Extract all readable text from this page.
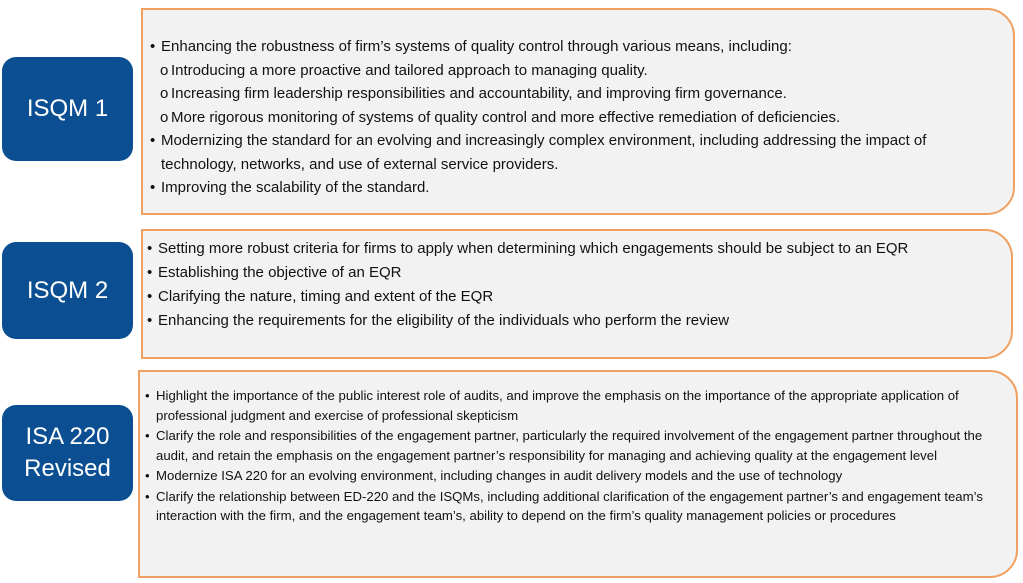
ISQM 1
ISQM 2
ISA 220 Revised
• Enhancing the robustness of firm’s systems of quality control through various means, including:
o Introducing a more proactive and tailored approach to managing quality.
o Increasing firm leadership responsibilities and accountability, and improving firm governance.
o More rigorous monitoring of systems of quality control and more effective remediation of deficiencies.
• Modernizing the standard for an evolving and increasingly complex environment, including addressing the impact of technology, networks, and use of external service providers.
• Improving the scalability of the standard.
• Setting more robust criteria for firms to apply when determining which engagements should be subject to an EQR
• Establishing the objective of an EQR
• Clarifying the nature, timing and extent of the EQR
• Enhancing the requirements for the eligibility of the individuals who perform the review
• Highlight the importance of the public interest role of audits, and improve the emphasis on the importance of the appropriate application of professional judgment and exercise of professional skepticism
• Clarify the role and responsibilities of the engagement partner, particularly the required involvement of the engagement partner throughout the audit, and retain the emphasis on the engagement partner’s responsibility for managing and achieving quality at the engagement level
• Modernize ISA 220 for an evolving environment, including changes in audit delivery models and the use of technology
• Clarify the relationship between ED-220 and the ISQMs, including additional clarification of the engagement partner’s and engagement team’s interaction with the firm, and the engagement team’s, ability to depend on the firm’s quality management policies or procedures
